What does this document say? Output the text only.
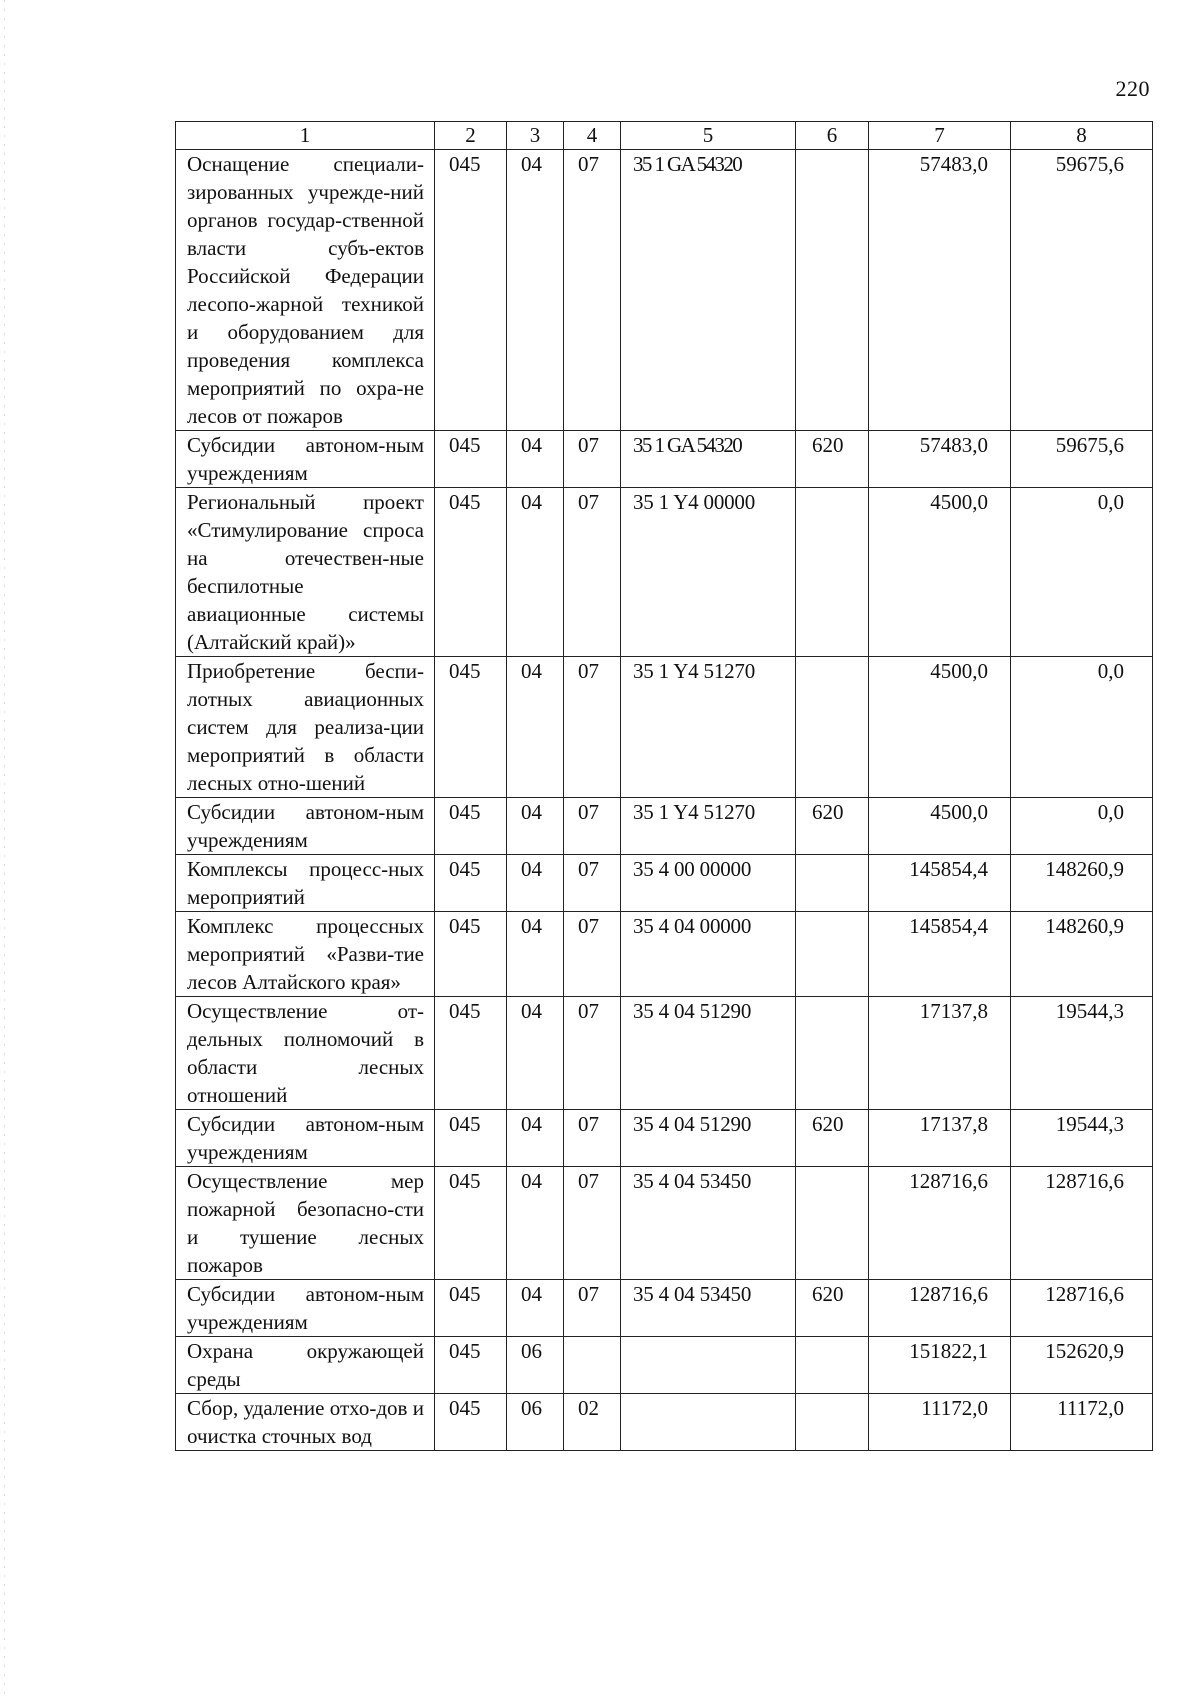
220
1	2	3	4	5	6	7	8
Оснащение специали-зированных учрежде-ний органов государ-ственной власти субъ-ектов Российской Федерации лесопо-жарной техникой и оборудованием для проведения комплекса мероприятий по охра-не лесов от пожаров	045	04	07	35 1 GA 54320		57483,0	59675,6
Субсидии автоном-ным учреждениям	045	04	07	35 1 GA 54320	620	57483,0	59675,6
Региональный проект «Стимулирование спроса на отечествен-ные беспилотные авиационные системы (Алтайский край)»	045	04	07	35 1 Y4 00000		4500,0	0,0
Приобретение беспи-лотных авиационных систем для реализа-ции мероприятий в области лесных отно-шений	045	04	07	35 1 Y4 51270		4500,0	0,0
Субсидии автоном-ным учреждениям	045	04	07	35 1 Y4 51270	620	4500,0	0,0
Комплексы процесс-ных мероприятий	045	04	07	35 4 00 00000		145854,4	148260,9
Комплекс процессных мероприятий «Разви-тие лесов Алтайского края»	045	04	07	35 4 04 00000		145854,4	148260,9
Осуществление от-дельных полномочий в области лесных отношений	045	04	07	35 4 04 51290		17137,8	19544,3
Субсидии автоном-ным учреждениям	045	04	07	35 4 04 51290	620	17137,8	19544,3
Осуществление мер пожарной безопасно-сти и тушение лесных пожаров	045	04	07	35 4 04 53450		128716,6	128716,6
Субсидии автоном-ным учреждениям	045	04	07	35 4 04 53450	620	128716,6	128716,6
Охрана окружающей среды	045	06				151822,1	152620,9
Сбор, удаление отхо-дов и очистка сточных вод	045	06	02			11172,0	11172,0
